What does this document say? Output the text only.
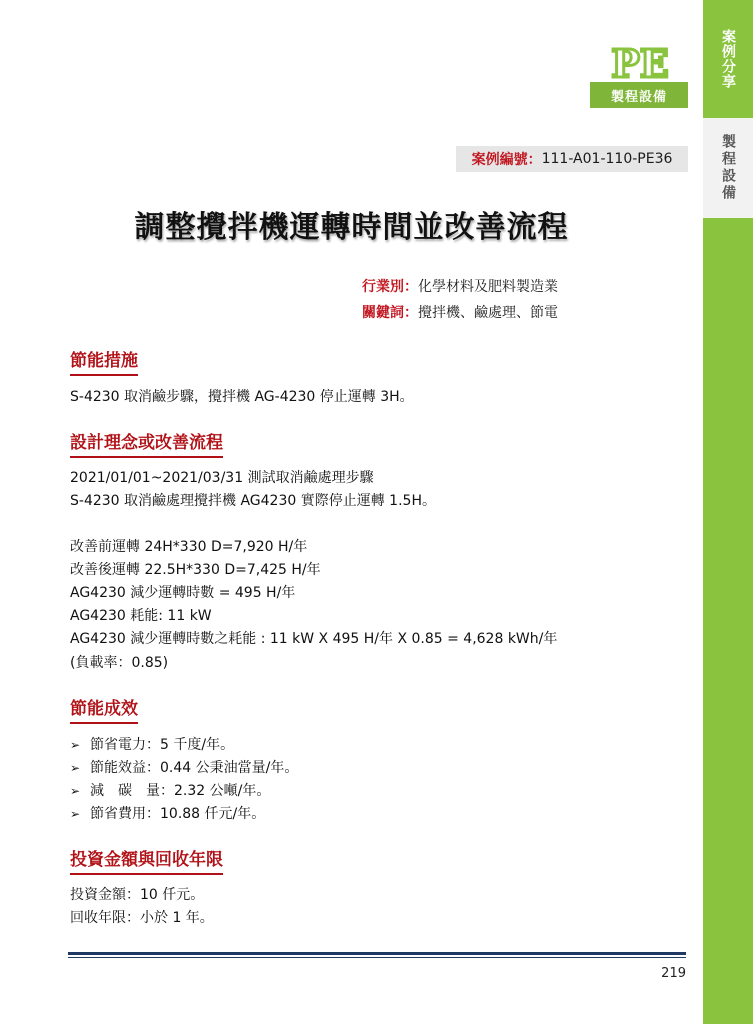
案例分享
製程設備
PE
製程設備
案例編號： 111-A01-110-PE36
調整攪拌機運轉時間並改善流程
行業別：化學材料及肥料製造業
關鍵詞：攪拌機、鹼處理、節電
節能措施
S-4230 取消鹼步驟，攪拌機 AG-4230 停止運轉 3H。
設計理念或改善流程
2021/01/01~2021/03/31 測試取消鹼處理步驟
S-4230 取消鹼處理攪拌機 AG4230 實際停止運轉 1.5H。
改善前運轉 24H*330 D=7,920 H/年
改善後運轉 22.5H*330 D=7,425 H/年
AG4230 減少運轉時數 = 495 H/年
AG4230 耗能: 11 kW
AG4230 減少運轉時數之耗能 : 11 kW X 495 H/年 X 0.85 = 4,628 kWh/年
(負載率：0.85)
節能成效
➢ 節省電力：5 千度/年。
➢ 節能效益：0.44 公秉油當量/年。
➢ 減　碳　量：2.32 公噸/年。
➢ 節省費用：10.88 仟元/年。
投資金額與回收年限
投資金額：10 仟元。
回收年限：小於 1 年。
219
